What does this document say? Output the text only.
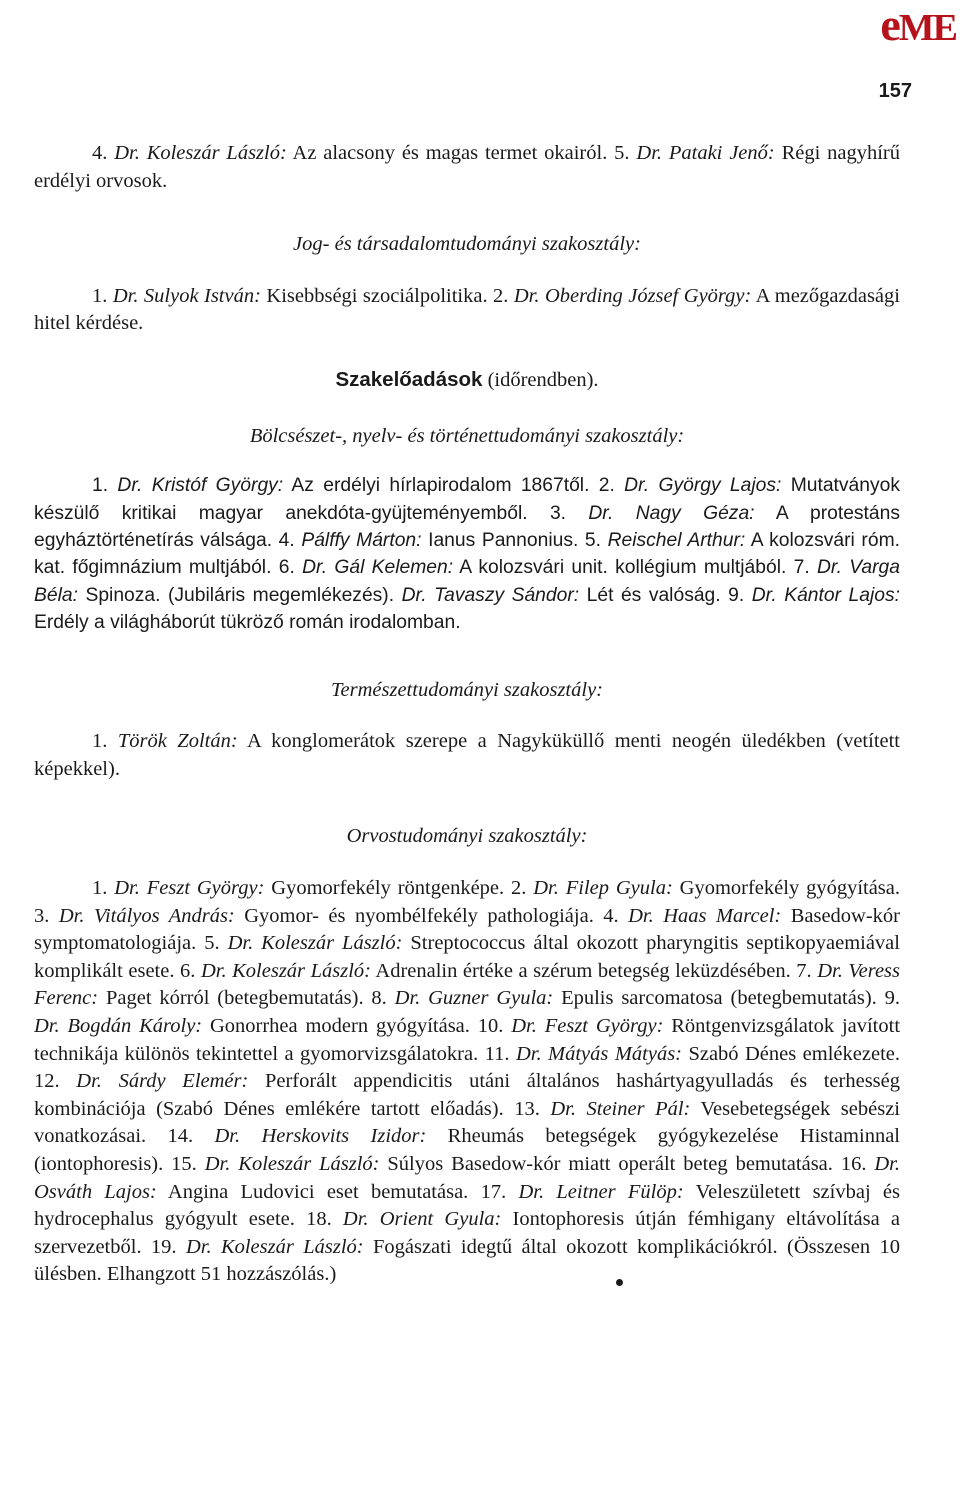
eME
157

4. Dr. Koleszár László: Az alacsony és magas termet okairól. 5. Dr. Pataki Jenő: Régi nagyhírű erdélyi orvosok.

Jog- és társadalomtudományi szakosztály:

1. Dr. Sulyok István: Kisebbségi szociálpolitika. 2. Dr. Oberding József György: A mezőgazdasági hitel kérdése.

Szakelőadások (időrendben).
Bölcsészet-, nyelv- és történettudományi szakosztály:

1. Dr. Kristóf György: Az erdélyi hírlapirodalom 1867től. 2. Dr. György Lajos: Mutatványok készülő kritikai magyar anekdóta-gyüjteményemből. 3. Dr. Nagy Géza: A protestáns egyháztörténetírás válsága. 4. Pálffy Márton: Ianus Pannonius. 5. Reischel Arthur: A kolozsvári róm. kat. főgimnázium multjából. 6. Dr. Gál Kelemen: A kolozsvári unit. kollégium multjából. 7. Dr. Varga Béla: Spinoza. (Jubiláris megemlékezés). Dr. Tavaszy Sándor: Lét és valóság. 9. Dr. Kántor Lajos: Erdély a világháborút tükröző román irodalomban.

Természettudományi szakosztály:

1. Török Zoltán: A konglomerátok szerepe a Nagyküküllő menti neogén üledékben (vetített képekkel).

Orvostudományi szakosztály:

1. Dr. Feszt György: Gyomorfekély röntgenképe. 2. Dr. Filep Gyula: Gyomorfekély gyógyítása. 3. Dr. Vitályos András: Gyomor- és nyombélfekély pathologiája. 4. Dr. Haas Marcel: Basedow-kór symptomatologiája. 5. Dr. Koleszár László: Streptococcus által okozott pharyngitis septikopyaemiával komplikált esete. 6. Dr. Koleszár László: Adrenalin értéke a szérum betegség leküzdésében. 7. Dr. Veress Ferenc: Paget kórról (betegbemutatás). 8. Dr. Guzner Gyula: Epulis sarcomatosa (betegbemutatás). 9. Dr. Bogdán Károly: Gonorrhea modern gyógyítása. 10. Dr. Feszt György: Röntgenvizsgálatok javított technikája különös tekintettel a gyomorvizsgálatokra. 11. Dr. Mátyás Mátyás: Szabó Dénes emlékezete. 12. Dr. Sárdy Elemér: Perforált appendicitis utáni általános hashártyagyulladás és terhesség kombinációja (Szabó Dénes emlékére tartott előadás). 13. Dr. Steiner Pál: Vesebetegségek sebészi vonatkozásai. 14. Dr. Herskovits Izidor: Rheumás betegségek gyógykezelése Histaminnal (iontophoresis). 15. Dr. Koleszár László: Súlyos Basedow-kór miatt operált beteg bemutatása. 16. Dr. Osváth Lajos: Angina Ludovici eset bemutatása. 17. Dr. Leitner Fülöp: Veleszületett szívbaj és hydrocephalus gyógyult esete. 18. Dr. Orient Gyula: Iontophoresis útján fémhigany eltávolítása a szervezetből. 19. Dr. Koleszár László: Fogászati idegtű által okozott komplikációkról. (Összesen 10 ülésben. Elhangzott 51 hozzászólás.)
